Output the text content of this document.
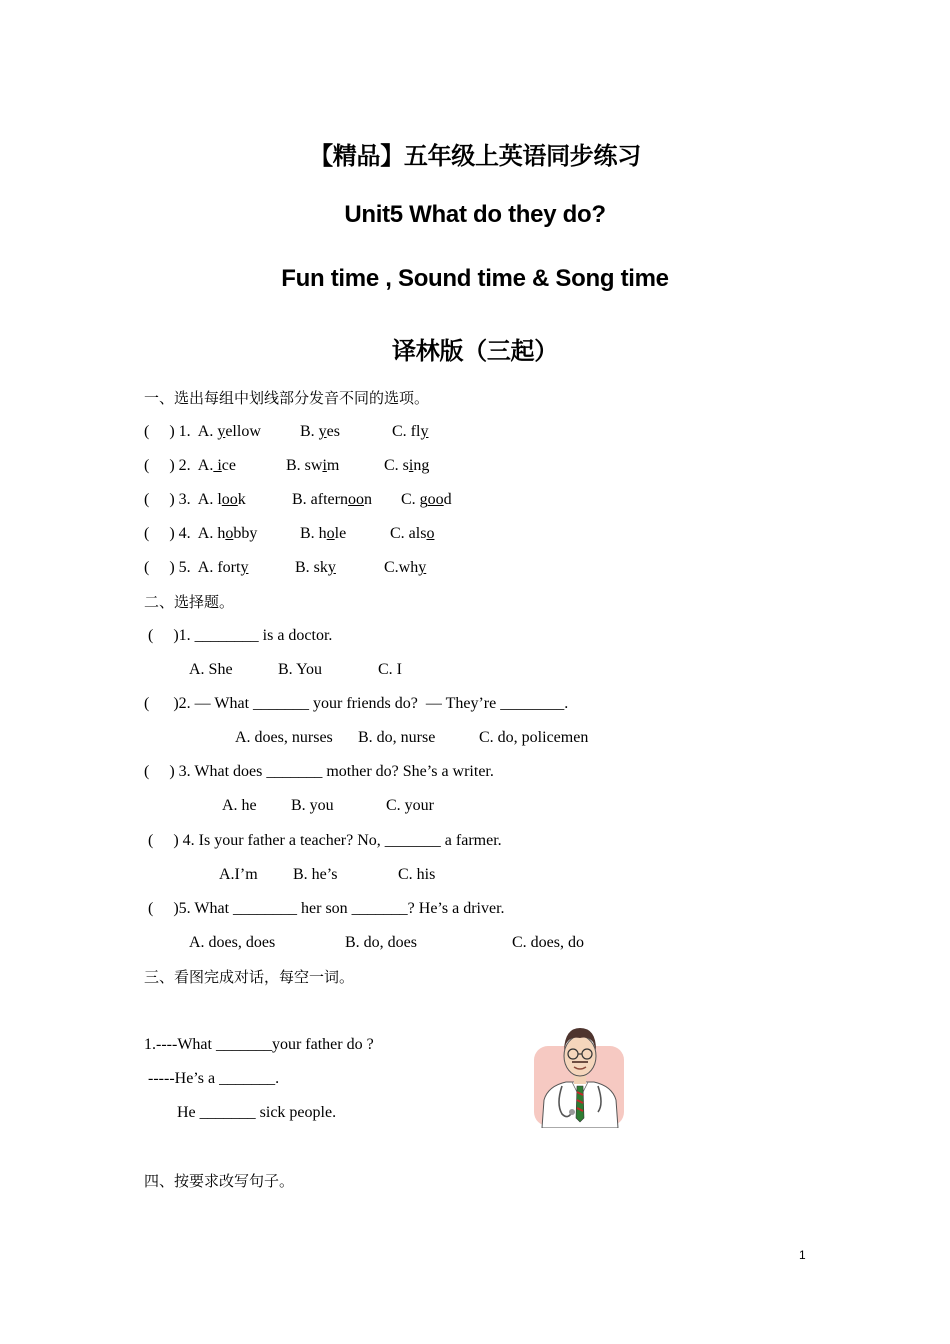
【精品】五年级上英语同步练习
Unit5 What do they do?
Fun time , Sound time & Song time
译林版（三起）
一、选出每组中划线部分发音不同的选项。
(     ) 1.  A. yellow B. yes	C. fly
(     ) 2.  A. ice	B. swim	C. sing
(     ) 3.  A. look	B. afternoon C. good
(     ) 4.  A. hobby	B. hole	C. also
(     ) 5.  A. forty	B. sky	C.why
二、选择题。
(     )1. ________ is a doctor.
A. She	B. You	C. I
(      )2. — What _______ your friends do?  — They’re ________.
A. does, nurses B. do, nurse	C. do, policemen
(     ) 3. What does _______ mother do? She’s a writer.
A. he B. you	C. your
(     ) 4. Is your father a teacher? No, _______ a farmer.
A.I’m B. he’s	C. his
(     )5. What ________ her son _______? He’s a driver.
A. does, does	B. do, does	C. does, do
三、看图完成对话，每空一词。
1.----What _______your father do ?
-----He’s a _______.
He _______ sick people.
四、按要求改写句子。
1
